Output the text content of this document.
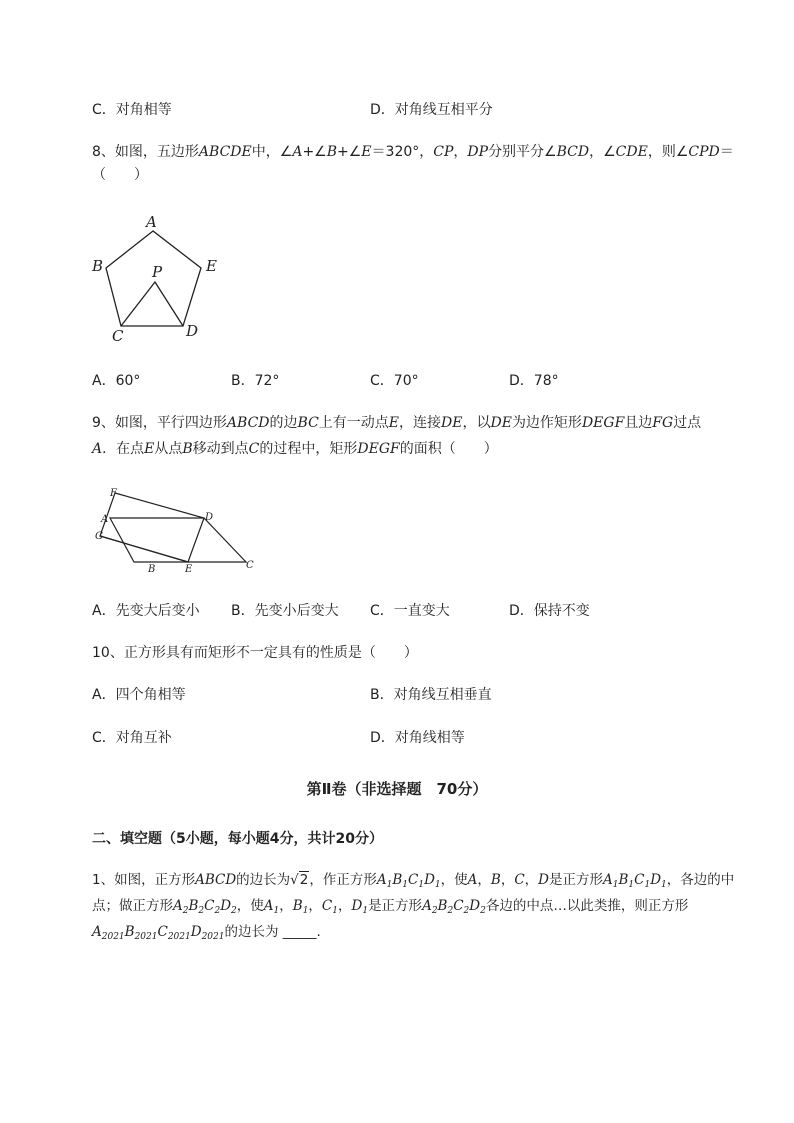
C．对角相等	D．对角线互相平分
8、如图，五边形ABCDE中，∠A+∠B+∠E＝320°，CP，DP分别平分∠BCD，∠CDE，则∠CPD＝
（　　）
A
B	E
P
C	D
A．60°	B．72°	C．70°	D．78°
9、如图，平行四边形ABCD的边BC上有一动点E，连接DE，以DE为边作矩形DEGF且边FG过点
A．在点E从点B移动到点C的过程中，矩形DEGF的面积（　　）
F
A	D
G
B	E	C
A．先变大后变小 B．先变小后变大 C．一直变大	D．保持不变
10、正方形具有而矩形不一定具有的性质是（　　）
A．四个角相等	B．对角线互相垂直
C．对角互补	D．对角线相等
第Ⅱ卷（非选择题　70分）
二、填空题（5小题，每小题4分，共计20分）
1、如图，正方形ABCD的边长为√2，作正方形$A_1B_1C_1D_1$，使A，B，C，D是正方形$A_1B_1C_1D_1$，各边的中
点；做正方形$A_2B_2C_2D_2$，使$A_1$，$B_1$，$C_1$，$D_1$是正方形$A_2B_2C_2D_2$各边的中点…以此类推，则正方形
$A_{2021}B_{2021}C_{2021}D_{2021}$的边长为 _____.
